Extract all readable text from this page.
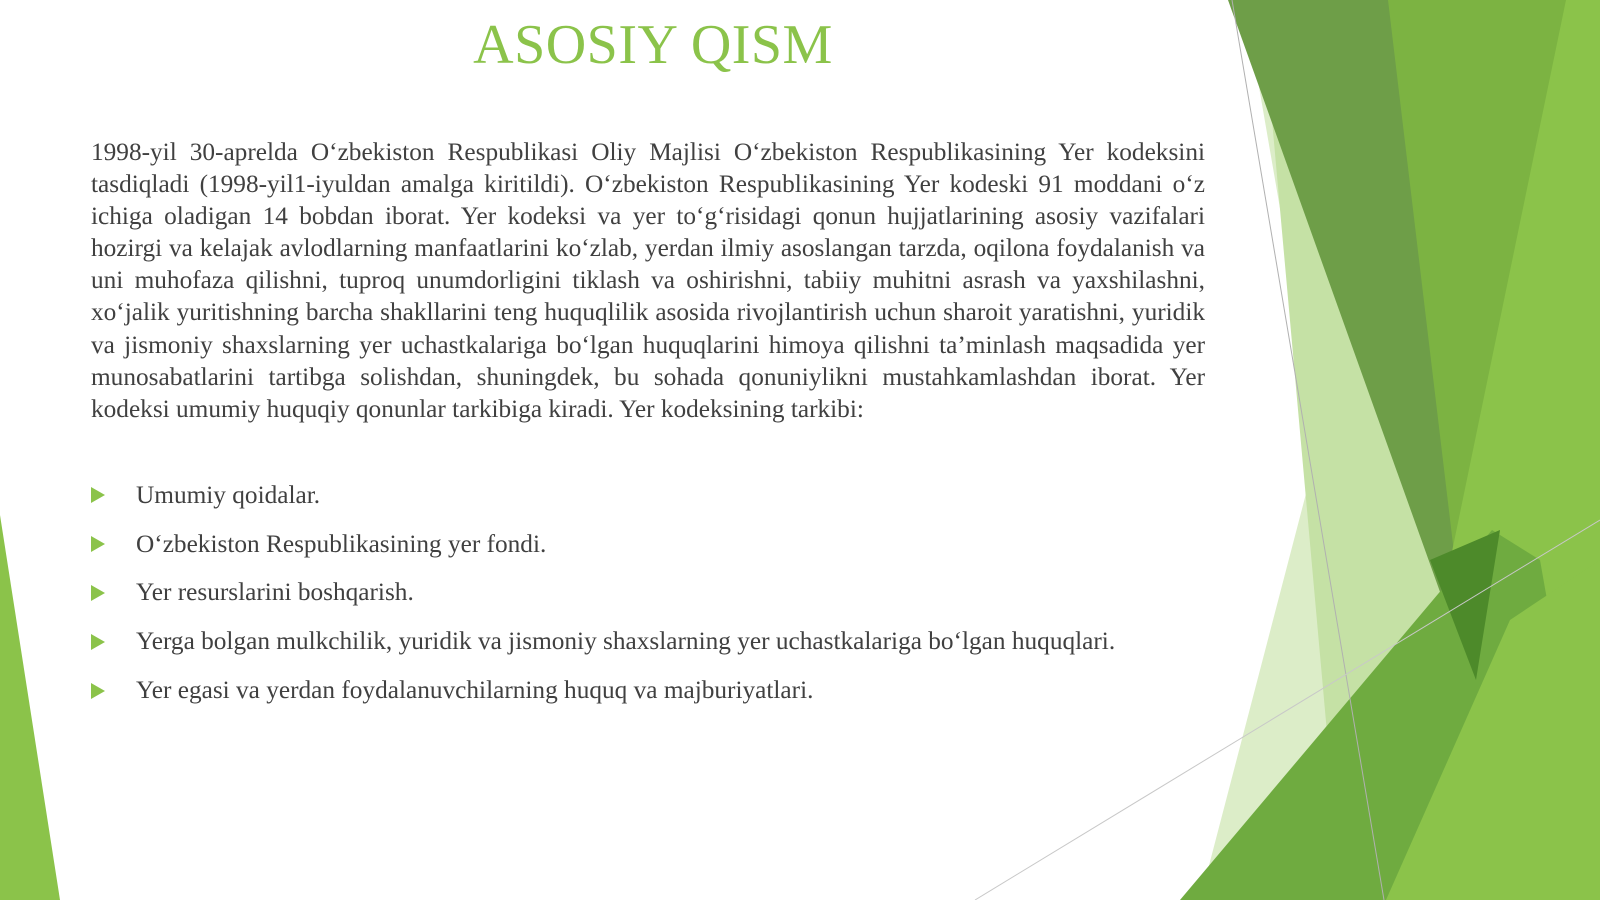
ASOSIY QISM

1998-yil 30-aprelda O‘zbekiston Respublikasi Oliy Majlisi O‘zbekiston Respublikasining Yer kodeksini tasdiqladi (1998-yil1-iyuldan amalga kiritildi). O‘zbekiston Respublikasining Yer kodeski 91 moddani o‘z ichiga oladigan 14 bobdan iborat. Yer kodeksi va yer to‘g‘risidagi qonun hujjatlarining asosiy vazifalari hozirgi va kelajak avlodlarning manfaatlarini ko‘zlab, yerdan ilmiy asoslangan tarzda, oqilona foydalanish va uni muhofaza qilishni, tuproq unumdorligini tiklash va oshirishni, tabiiy muhitni asrash va yaxshilashni, xo‘jalik yuritishning barcha shakllarini teng huquqlilik asosida rivojlantirish uchun sharoit yaratishni, yuridik va jismoniy shaxslarning yer uchastkalariga bo‘lgan huquqlarini himoya qilishni ta’minlash maqsadida yer munosabatlarini tartibga solishdan, shuningdek, bu sohada qonuniylikni mustahkamlashdan iborat. Yer kodeksi umumiy huquqiy qonunlar tarkibiga kiradi. Yer kodeksining tarkibi:

Umumiy qoidalar.
O‘zbekiston Respublikasining yer fondi.
Yer resurslarini boshqarish.
Yerga bolgan mulkchilik, yuridik va jismoniy shaxslarning yer uchastkalariga bo‘lgan huquqlari.
Yer egasi va yerdan foydalanuvchilarning huquq va majburiyatlari.
